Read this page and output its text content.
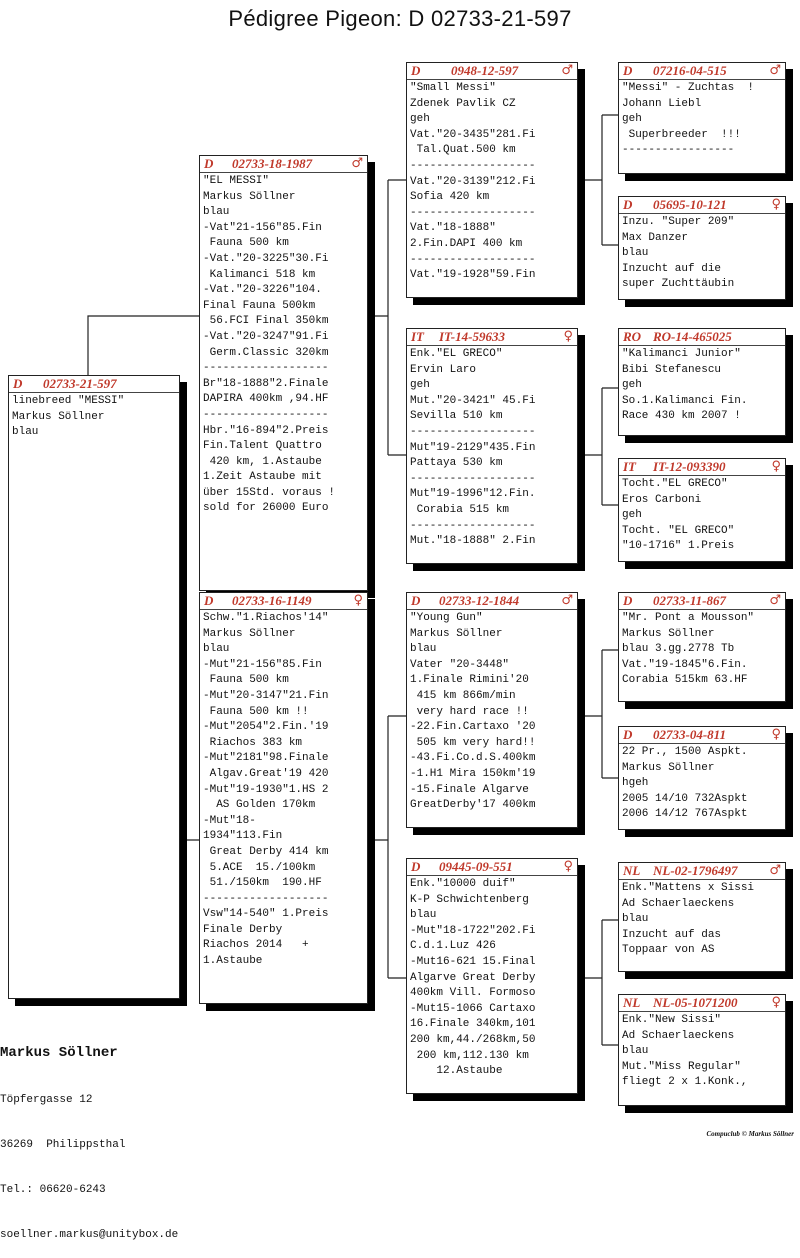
Pédigree Pigeon: D 02733-21-597
D 02733-21-597
linebreed "MESSI"
Markus Söllner
blau
D 02733-18-1987	♂
"EL MESSI"
Markus Söllner
blau
-Vat"21-156"85.Fin
Fauna 500 km
-Vat."20-3225"30.Fi
Kalimanci 518 km
-Vat."20-3226"104.
Final Fauna 500km
56.FCI Final 350km
-Vat."20-3247"91.Fi
Germ.Classic 320km
-------------------
Br"18-1888"2.Finale
DAPIRA 400km ,94.HF
-------------------
Hbr."16-894"2.Preis
Fin.Talent Quattro
420 km, 1.Astaube
1.Zeit Astaube mit
über 15Std. voraus !
sold for 26000 Euro
D 02733-16-1149	♀
Schw."1.Riachos'14"
Markus Söllner
blau
-Mut"21-156"85.Fin
Fauna 500 km
-Mut"20-3147"21.Fin
Fauna 500 km !!
-Mut"2054"2.Fin.'19
Riachos 383 km
-Mut"2181"98.Finale
Algav.Great'19 420
-Mut"19-1930"1.HS 2
AS Golden 170km
-Mut"18-
1934"113.Fin
Great Derby 414 km
5.ACE  15./100km
51./150km  190.HF
-------------------
Vsw"14-540" 1.Preis
Finale Derby
Riachos 2014   +
1.Astaube
D 0948-12-597	♂
"Small Messi"
Zdenek Pavlik CZ
geh
Vat."20-3435"281.Fi
Tal.Quat.500 km
-------------------
Vat."20-3139"212.Fi
Sofia 420 km
-------------------
Vat."18-1888"
2.Fin.DAPI 400 km
-------------------
Vat."19-1928"59.Fin
IT IT-14-59633	♀
Enk."EL GRECO"
Ervin Laro
geh
Mut."20-3421" 45.Fi
Sevilla 510 km
-------------------
Mut"19-2129"435.Fin
Pattaya 530 km
-------------------
Mut"19-1996"12.Fin.
Corabia 515 km
-------------------
Mut."18-1888" 2.Fin
D 02733-12-1844	♂
"Young Gun"
Markus Söllner
blau
Vater "20-3448"
1.Finale Rimini'20
415 km 866m/min
very hard race !!
-22.Fin.Cartaxo '20
505 km very hard!!
-43.Fi.Co.d.S.400km
-1.H1 Mira 150km'19
-15.Finale Algarve
GreatDerby'17 400km
D 09445-09-551	♀
Enk."10000 duif"
K-P Schwichtenberg
blau
-Mut"18-1722"202.Fi
C.d.1.Luz 426
-Mut16-621 15.Final
Algarve Great Derby
400km Vill. Formoso
-Mut15-1066 Cartaxo
16.Finale 340km,101
200 km,44./268km,50
200 km,112.130 km
12.Astaube
D 07216-04-515	♂
"Messi" - Zuchtas  !
Johann Liebl
geh
Superbreeder  !!!
-----------------
D 05695-10-121	♀
Inzu. "Super 209"
Max Danzer
blau
Inzucht auf die
super Zuchttäubin
RO RO-14-465025
"Kalimanci Junior"
Bibi Stefanescu
geh
So.1.Kalimanci Fin.
Race 430 km 2007 !
IT IT-12-093390	♀
Tocht."EL GRECO"
Eros Carboni
geh
Tocht. "EL GRECO"
"10-1716" 1.Preis
D 02733-11-867	♂
"Mr. Pont a Mousson"
Markus Söllner
blau 3.gg.2778 Tb
Vat."19-1845"6.Fin.
Corabia 515km 63.HF
D 02733-04-811	♀
22 Pr., 1500 Aspkt.
Markus Söllner
hgeh
2005 14/10 732Aspkt
2006 14/12 767Aspkt
NL NL-02-1796497 ♂
Enk."Mattens x Sissi
Ad Schaerlaeckens
blau
Inzucht auf das
Toppaar von AS
NL NL-05-1071200	♀
Enk."New Sissi"
Ad Schaerlaeckens
blau
Mut."Miss Regular"
fliegt 2 x 1.Konk.,

Markus Söllner

Töpfergasse 12

36269  Philippsthal

Tel.: 06620-6243

soellner.markus@unitybox.de

Compuclub © Markus Söllner
